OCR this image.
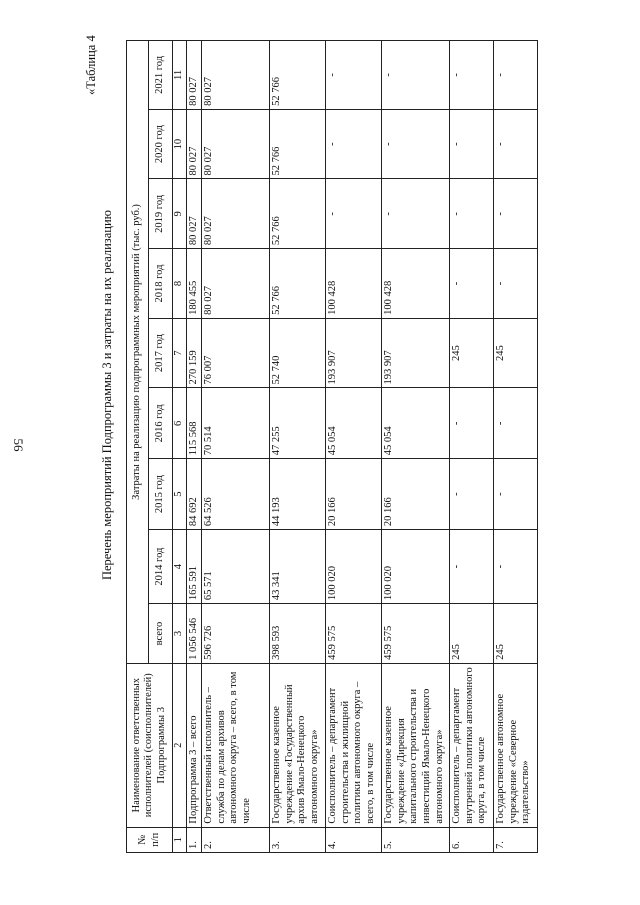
56
«Таблица 4
Перечень мероприятий Подпрограммы 3 и затраты на их реализацию
№ п/п	Наименование ответственных исполнителей (соисполнителей) Подпрограммы 3	Затраты на реализацию подпрограммных мероприятий (тыс. руб.)								
		всего	2014 год	2015 год	2016 год	2017 год	2018 год	2019 год	2020 год	2021 год
1	2	3	4	5	6	7	8	9	10	11
1.	Подпрограмма 3 – всего	1 056 546	165 591	84 692	115 568	270 159	180 455	80 027	80 027	80 027
2.	Ответственный исполнитель – служба по делам архивов автономного округа – всего, в том числе	596 726	65 571	64 526	70 514	76 007	80 027	80 027	80 027	80 027
3.	Государственное казенное учреждение «Государственный архив Ямало-Ненецкого автономного округа»	398 593	43 341	44 193	47 255	52 740	52 766	52 766	52 766	52 766
4.	Соисполнитель – департамент строительства и жилищной политики автономного округа – всего, в том числе	459 575	100 020	20 166	45 054	193 907	100 428	-	-	-
5.	Государственное казенное учреждение «Дирекция капитального строительства и инвестиций Ямало-Ненецкого автономного округа»	459 575	100 020	20 166	45 054	193 907	100 428	-	-	-
6.	Соисполнитель – департамент внутренней политики автономного округа, в том числе	245	-	-	-	245	-	-	-	-
7.	Государственное автономное учреждение «Северное издательство»	245	-	-	-	245	-	-	-	-
